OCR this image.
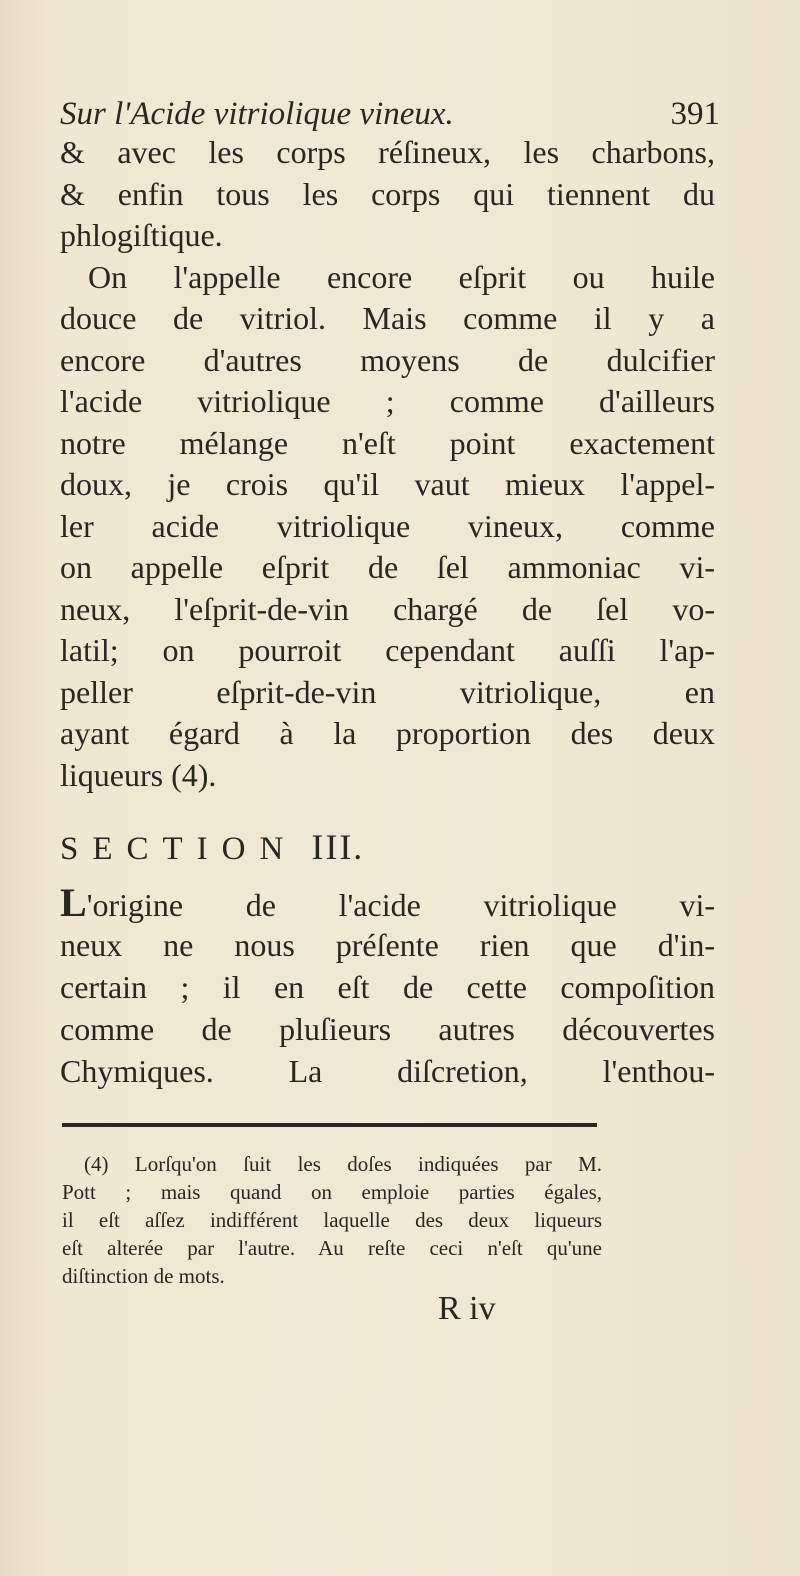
Sur l'Acide vitriolique vineux.	391
& avec les corps réſineux, les charbons,
& enfin tous les corps qui tiennent du
phlogiſtique.
On l'appelle encore eſprit ou huile
douce de vitriol. Mais comme il y a
encore d'autres moyens de dulcifier
l'acide vitriolique ; comme d'ailleurs
notre mélange n'eſt point exactement
doux, je crois qu'il vaut mieux l'appel-
ler acide vitriolique vineux, comme
on appelle eſprit de ſel ammoniac vi-
neux, l'eſprit-de-vin chargé de ſel vo-
latil; on pourroit cependant auſſi l'ap-
peller eſprit-de-vin vitriolique, en
ayant égard à la proportion des deux
liqueurs (4).
SECTION III.
L'origine de l'acide vitriolique vi-
neux ne nous préſente rien que d'in-
certain ; il en eſt de cette compoſition
comme de pluſieurs autres découvertes
Chymiques. La diſcretion, l'enthou-
(4) Lorſqu'on ſuit les doſes indiquées par M.
Pott ; mais quand on emploie parties égales,
il eſt aſſez indifférent laquelle des deux liqueurs
eſt alterée par l'autre. Au reſte ceci n'eſt qu'une
diſtinction de mots.
R iv
